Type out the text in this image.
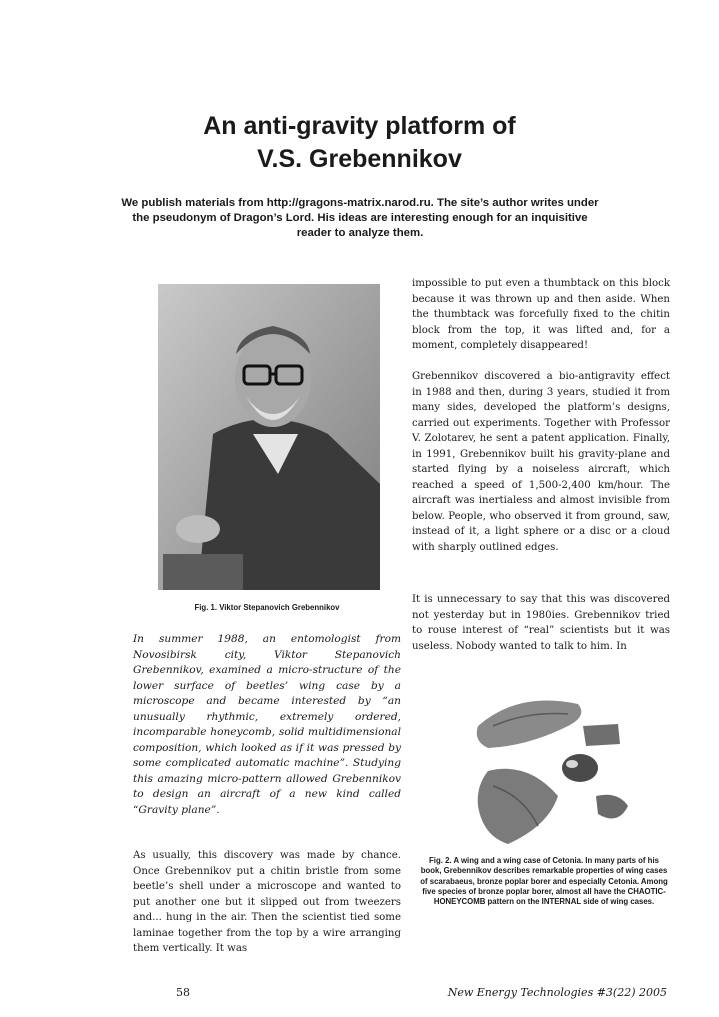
An anti-gravity platform of
V.S. Grebennikov

We publish materials from http://gragons-matrix.narod.ru. The site’s author writes under the pseudonym of Dragon’s Lord. His ideas are interesting enough for an inquisitive reader to analyze them.

Fig. 1. Viktor Stepanovich Grebennikov

In summer 1988, an entomologist from Novosibirsk city, Viktor Stepanovich Grebennikov, examined a micro-structure of the lower surface of beetles’ wing case by a microscope and became interested by “an unusually rhythmic, extremely ordered, incomparable honeycomb, solid multidimensional composition, which looked as if it was pressed by some complicated automatic machine”. Studying this amazing micro-pattern allowed Grebennikov to design an aircraft of a new kind called “Gravity plane”.

As usually, this discovery was made by chance. Once Grebennikov put a chitin bristle from some beetle’s shell under a microscope and wanted to put another one but it slipped out from tweezers and... hung in the air. Then the scientist tied some laminae together from the top by a wire arranging them vertically. It was

impossible to put even a thumbtack on this block because it was thrown up and then aside. When the thumbtack was forcefully fixed to the chitin block from the top, it was lifted and, for a moment, completely disappeared!

Grebennikov discovered a bio-antigravity effect in 1988 and then, during 3 years, studied it from many sides, developed the platform’s designs, carried out experiments. Together with Professor V. Zolotarev, he sent a patent application. Finally, in 1991, Grebennikov built his gravity-plane and started flying by a noiseless aircraft, which reached a speed of 1,500-2,400 km/hour. The aircraft was inertialess and almost invisible from below. People, who observed it from ground, saw, instead of it, a light sphere or a disc or a cloud with sharply outlined edges.

It is unnecessary to say that this was discovered not yesterday but in 1980ies. Grebennikov tried to rouse interest of “real” scientists but it was useless. Nobody wanted to talk to him. In

Fig. 2. A wing and a wing case of Cetonia. In many parts of his book, Grebennikov describes remarkable properties of wing cases of scarabaeus, bronze poplar borer and especially Cetonia. Among five species of bronze poplar borer, almost all have the CHAOTIC-HONEYCOMB pattern on the INTERNAL side of wing cases.

58	New Energy Technologies #3(22) 2005
